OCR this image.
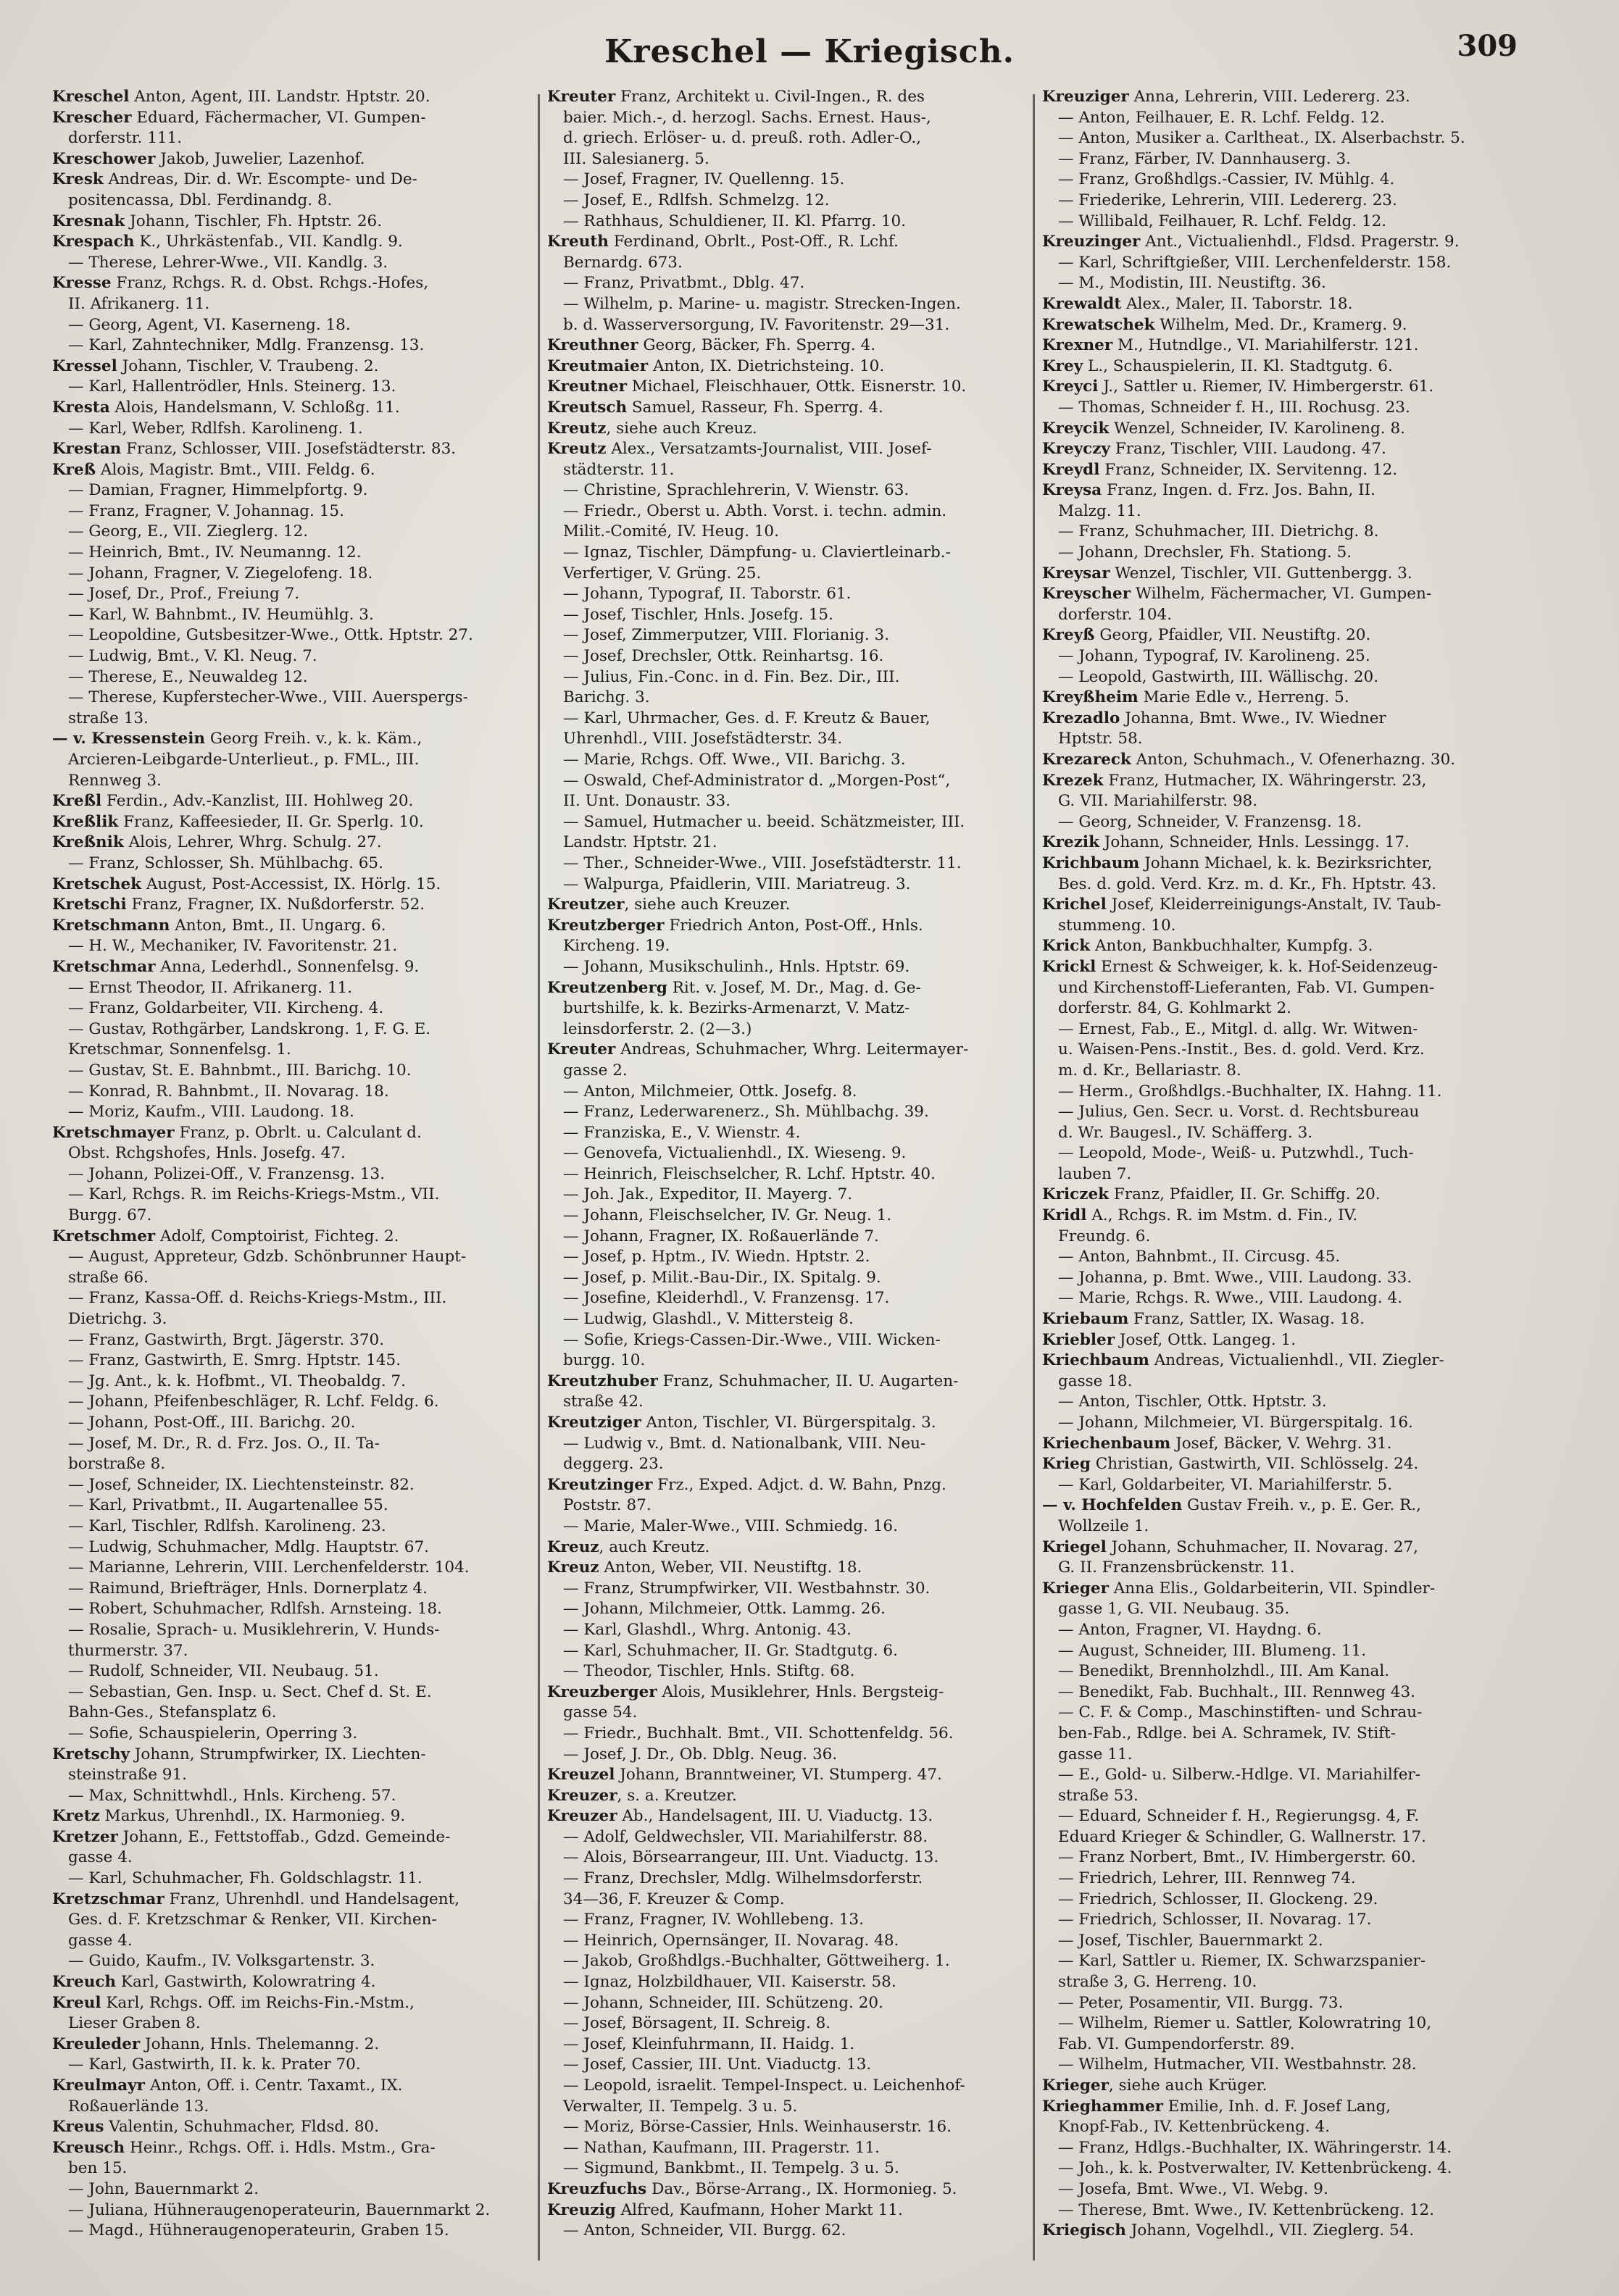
Kreschel — Kriegisch.	309
Kreschel Anton, Agent, III. Landstr. Hptstr. 20.
Krescher Eduard, Fächermacher, VI. Gumpen-
dorferstr. 111.
Kreschower Jakob, Juwelier, Lazenhof.
Kresk Andreas, Dir. d. Wr. Escompte- und De-
positencassa, Dbl. Ferdinandg. 8.
Kresnak Johann, Tischler, Fh. Hptstr. 26.
Krespach K., Uhrkästenfab., VII. Kandlg. 9.
— Therese, Lehrer-Wwe., VII. Kandlg. 3.
Kresse Franz, Rchgs. R. d. Obst. Rchgs.-Hofes,
II. Afrikanerg. 11.
— Georg, Agent, VI. Kaserneng. 18.
— Karl, Zahntechniker, Mdlg. Franzensg. 13.
Kressel Johann, Tischler, V. Traubeng. 2.
— Karl, Hallentrödler, Hnls. Steinerg. 13.
Kresta Alois, Handelsmann, V. Schloßg. 11.
— Karl, Weber, Rdlfsh. Karolineng. 1.
Krestan Franz, Schlosser, VIII. Josefstädterstr. 83.
Kreß Alois, Magistr. Bmt., VIII. Feldg. 6.
— Damian, Fragner, Himmelpfortg. 9.
— Franz, Fragner, V. Johannag. 15.
— Georg, E., VII. Zieglerg. 12.
— Heinrich, Bmt., IV. Neumanng. 12.
— Johann, Fragner, V. Ziegelofeng. 18.
— Josef, Dr., Prof., Freiung 7.
— Karl, W. Bahnbmt., IV. Heumühlg. 3.
— Leopoldine, Gutsbesitzer-Wwe., Ottk. Hptstr. 27.
— Ludwig, Bmt., V. Kl. Neug. 7.
— Therese, E., Neuwaldeg 12.
— Therese, Kupferstecher-Wwe., VIII. Auerspergs-
straße 13.
— v. Kressenstein Georg Freih. v., k. k. Käm.,
Arcieren-Leibgarde-Unterlieut., p. FML., III.
Rennweg 3.
Kreßl Ferdin., Adv.-Kanzlist, III. Hohlweg 20.
Kreßlik Franz, Kaffeesieder, II. Gr. Sperlg. 10.
Kreßnik Alois, Lehrer, Whrg. Schulg. 27.
— Franz, Schlosser, Sh. Mühlbachg. 65.
Kretschek August, Post-Accessist, IX. Hörlg. 15.
Kretschi Franz, Fragner, IX. Nußdorferstr. 52.
Kretschmann Anton, Bmt., II. Ungarg. 6.
— H. W., Mechaniker, IV. Favoritenstr. 21.
Kretschmar Anna, Lederhdl., Sonnenfelsg. 9.
— Ernst Theodor, II. Afrikanerg. 11.
— Franz, Goldarbeiter, VII. Kircheng. 4.
— Gustav, Rothgärber, Landskrong. 1, F. G. E.
Kretschmar, Sonnenfelsg. 1.
— Gustav, St. E. Bahnbmt., III. Barichg. 10.
— Konrad, R. Bahnbmt., II. Novarag. 18.
— Moriz, Kaufm., VIII. Laudong. 18.
Kretschmayer Franz, p. Obrlt. u. Calculant d.
Obst. Rchgshofes, Hnls. Josefg. 47.
— Johann, Polizei-Off., V. Franzensg. 13.
— Karl, Rchgs. R. im Reichs-Kriegs-Mstm., VII.
Burgg. 67.
Kretschmer Adolf, Comptoirist, Fichteg. 2.
— August, Appreteur, Gdzb. Schönbrunner Haupt-
straße 66.
— Franz, Kassa-Off. d. Reichs-Kriegs-Mstm., III.
Dietrichg. 3.
— Franz, Gastwirth, Brgt. Jägerstr. 370.
— Franz, Gastwirth, E. Smrg. Hptstr. 145.
— Jg. Ant., k. k. Hofbmt., VI. Theobaldg. 7.
— Johann, Pfeifenbeschläger, R. Lchf. Feldg. 6.
— Johann, Post-Off., III. Barichg. 20.
— Josef, M. Dr., R. d. Frz. Jos. O., II. Ta-
borstraße 8.
— Josef, Schneider, IX. Liechtensteinstr. 82.
— Karl, Privatbmt., II. Augartenallee 55.
— Karl, Tischler, Rdlfsh. Karolineng. 23.
— Ludwig, Schuhmacher, Mdlg. Hauptstr. 67.
— Marianne, Lehrerin, VIII. Lerchenfelderstr. 104.
— Raimund, Briefträger, Hnls. Dornerplatz 4.
— Robert, Schuhmacher, Rdlfsh. Arnsteing. 18.
— Rosalie, Sprach- u. Musiklehrerin, V. Hunds-
thurmerstr. 37.
— Rudolf, Schneider, VII. Neubaug. 51.
— Sebastian, Gen. Insp. u. Sect. Chef d. St. E.
Bahn-Ges., Stefansplatz 6.
— Sofie, Schauspielerin, Operring 3.
Kretschy Johann, Strumpfwirker, IX. Liechten-
steinstraße 91.
— Max, Schnittwhdl., Hnls. Kircheng. 57.
Kretz Markus, Uhrenhdl., IX. Harmonieg. 9.
Kretzer Johann, E., Fettstoffab., Gdzd. Gemeinde-
gasse 4.
— Karl, Schuhmacher, Fh. Goldschlagstr. 11.
Kretzschmar Franz, Uhrenhdl. und Handelsagent,
Ges. d. F. Kretzschmar & Renker, VII. Kirchen-
gasse 4.
— Guido, Kaufm., IV. Volksgartenstr. 3.
Kreuch Karl, Gastwirth, Kolowratring 4.
Kreul Karl, Rchgs. Off. im Reichs-Fin.-Mstm.,
Lieser Graben 8.
Kreuleder Johann, Hnls. Thelemanng. 2.
— Karl, Gastwirth, II. k. k. Prater 70.
Kreulmayr Anton, Off. i. Centr. Taxamt., IX.
Roßauerlände 13.
Kreus Valentin, Schuhmacher, Fldsd. 80.
Kreusch Heinr., Rchgs. Off. i. Hdls. Mstm., Gra-
ben 15.
— John, Bauernmarkt 2.
— Juliana, Hühneraugenoperateurin, Bauernmarkt 2.
— Magd., Hühneraugenoperateurin, Graben 15.
Kreuter Franz, Architekt u. Civil-Ingen., R. des
baier. Mich.-, d. herzogl. Sachs. Ernest. Haus-,
d. griech. Erlöser- u. d. preuß. roth. Adler-O.,
III. Salesianerg. 5.
— Josef, Fragner, IV. Quellenng. 15.
— Josef, E., Rdlfsh. Schmelzg. 12.
— Rathhaus, Schuldiener, II. Kl. Pfarrg. 10.
Kreuth Ferdinand, Obrlt., Post-Off., R. Lchf.
Bernardg. 673.
— Franz, Privatbmt., Dblg. 47.
— Wilhelm, p. Marine- u. magistr. Strecken-Ingen.
b. d. Wasserversorgung, IV. Favoritenstr. 29—31.
Kreuthner Georg, Bäcker, Fh. Sperrg. 4.
Kreutmaier Anton, IX. Dietrichsteing. 10.
Kreutner Michael, Fleischhauer, Ottk. Eisnerstr. 10.
Kreutsch Samuel, Rasseur, Fh. Sperrg. 4.
Kreutz, siehe auch Kreuz.
Kreutz Alex., Versatzamts-Journalist, VIII. Josef-
städterstr. 11.
— Christine, Sprachlehrerin, V. Wienstr. 63.
— Friedr., Oberst u. Abth. Vorst. i. techn. admin.
Milit.-Comité, IV. Heug. 10.
— Ignaz, Tischler, Dämpfung- u. Claviertleinarb.-
Verfertiger, V. Grüng. 25.
— Johann, Typograf, II. Taborstr. 61.
— Josef, Tischler, Hnls. Josefg. 15.
— Josef, Zimmerputzer, VIII. Florianig. 3.
— Josef, Drechsler, Ottk. Reinhartsg. 16.
— Julius, Fin.-Conc. in d. Fin. Bez. Dir., III.
Barichg. 3.
— Karl, Uhrmacher, Ges. d. F. Kreutz & Bauer,
Uhrenhdl., VIII. Josefstädterstr. 34.
— Marie, Rchgs. Off. Wwe., VII. Barichg. 3.
— Oswald, Chef-Administrator d. „Morgen-Post“,
II. Unt. Donaustr. 33.
— Samuel, Hutmacher u. beeid. Schätzmeister, III.
Landstr. Hptstr. 21.
— Ther., Schneider-Wwe., VIII. Josefstädterstr. 11.
— Walpurga, Pfaidlerin, VIII. Mariatreug. 3.
Kreutzer, siehe auch Kreuzer.
Kreutzberger Friedrich Anton, Post-Off., Hnls.
Kircheng. 19.
— Johann, Musikschulinh., Hnls. Hptstr. 69.
Kreutzenberg Rit. v. Josef, M. Dr., Mag. d. Ge-
burtshilfe, k. k. Bezirks-Armenarzt, V. Matz-
leinsdorferstr. 2. (2—3.)
Kreuter Andreas, Schuhmacher, Whrg. Leitermayer-
gasse 2.
— Anton, Milchmeier, Ottk. Josefg. 8.
— Franz, Lederwarenerz., Sh. Mühlbachg. 39.
— Franziska, E., V. Wienstr. 4.
— Genovefa, Victualienhdl., IX. Wieseng. 9.
— Heinrich, Fleischselcher, R. Lchf. Hptstr. 40.
— Joh. Jak., Expeditor, II. Mayerg. 7.
— Johann, Fleischselcher, IV. Gr. Neug. 1.
— Johann, Fragner, IX. Roßauerlände 7.
— Josef, p. Hptm., IV. Wiedn. Hptstr. 2.
— Josef, p. Milit.-Bau-Dir., IX. Spitalg. 9.
— Josefine, Kleiderhdl., V. Franzensg. 17.
— Ludwig, Glashdl., V. Mittersteig 8.
— Sofie, Kriegs-Cassen-Dir.-Wwe., VIII. Wicken-
burgg. 10.
Kreutzhuber Franz, Schuhmacher, II. U. Augarten-
straße 42.
Kreutziger Anton, Tischler, VI. Bürgerspitalg. 3.
— Ludwig v., Bmt. d. Nationalbank, VIII. Neu-
deggerg. 23.
Kreutzinger Frz., Exped. Adjct. d. W. Bahn, Pnzg.
Poststr. 87.
— Marie, Maler-Wwe., VIII. Schmiedg. 16.
Kreuz, auch Kreutz.
Kreuz Anton, Weber, VII. Neustiftg. 18.
— Franz, Strumpfwirker, VII. Westbahnstr. 30.
— Johann, Milchmeier, Ottk. Lammg. 26.
— Karl, Glashdl., Whrg. Antonig. 43.
— Karl, Schuhmacher, II. Gr. Stadtgutg. 6.
— Theodor, Tischler, Hnls. Stiftg. 68.
Kreuzberger Alois, Musiklehrer, Hnls. Bergsteig-
gasse 54.
— Friedr., Buchhalt. Bmt., VII. Schottenfeldg. 56.
— Josef, J. Dr., Ob. Dblg. Neug. 36.
Kreuzel Johann, Branntweiner, VI. Stumperg. 47.
Kreuzer, s. a. Kreutzer.
Kreuzer Ab., Handelsagent, III. U. Viaductg. 13.
— Adolf, Geldwechsler, VII. Mariahilferstr. 88.
— Alois, Börsearrangeur, III. Unt. Viaductg. 13.
— Franz, Drechsler, Mdlg. Wilhelmsdorferstr.
34—36, F. Kreuzer & Comp.
— Franz, Fragner, IV. Wohllebeng. 13.
— Heinrich, Opernsänger, II. Novarag. 48.
— Jakob, Großhdlgs.-Buchhalter, Göttweiherg. 1.
— Ignaz, Holzbildhauer, VII. Kaiserstr. 58.
— Johann, Schneider, III. Schützeng. 20.
— Josef, Börsagent, II. Schreig. 8.
— Josef, Kleinfuhrmann, II. Haidg. 1.
— Josef, Cassier, III. Unt. Viaductg. 13.
— Leopold, israelit. Tempel-Inspect. u. Leichenhof-
Verwalter, II. Tempelg. 3 u. 5.
— Moriz, Börse-Cassier, Hnls. Weinhauserstr. 16.
— Nathan, Kaufmann, III. Pragerstr. 11.
— Sigmund, Bankbmt., II. Tempelg. 3 u. 5.
Kreuzfuchs Dav., Börse-Arrang., IX. Hormonieg. 5.
Kreuzig Alfred, Kaufmann, Hoher Markt 11.
— Anton, Schneider, VII. Burgg. 62.
Kreuziger Anna, Lehrerin, VIII. Ledererg. 23.
— Anton, Feilhauer, E. R. Lchf. Feldg. 12.
— Anton, Musiker a. Carltheat., IX. Alserbachstr. 5.
— Franz, Färber, IV. Dannhauserg. 3.
— Franz, Großhdlgs.-Cassier, IV. Mühlg. 4.
— Friederike, Lehrerin, VIII. Ledererg. 23.
— Willibald, Feilhauer, R. Lchf. Feldg. 12.
Kreuzinger Ant., Victualienhdl., Fldsd. Pragerstr. 9.
— Karl, Schriftgießer, VIII. Lerchenfelderstr. 158.
— M., Modistin, III. Neustiftg. 36.
Krewaldt Alex., Maler, II. Taborstr. 18.
Krewatschek Wilhelm, Med. Dr., Kramerg. 9.
Krexner M., Hutndlge., VI. Mariahilferstr. 121.
Krey L., Schauspielerin, II. Kl. Stadtgutg. 6.
Kreyci J., Sattler u. Riemer, IV. Himbergerstr. 61.
— Thomas, Schneider f. H., III. Rochusg. 23.
Kreycik Wenzel, Schneider, IV. Karolineng. 8.
Kreyczy Franz, Tischler, VIII. Laudong. 47.
Kreydl Franz, Schneider, IX. Servitenng. 12.
Kreysa Franz, Ingen. d. Frz. Jos. Bahn, II.
Malzg. 11.
— Franz, Schuhmacher, III. Dietrichg. 8.
— Johann, Drechsler, Fh. Stationg. 5.
Kreysar Wenzel, Tischler, VII. Guttenbergg. 3.
Kreyscher Wilhelm, Fächermacher, VI. Gumpen-
dorferstr. 104.
Kreyß Georg, Pfaidler, VII. Neustiftg. 20.
— Johann, Typograf, IV. Karolineng. 25.
— Leopold, Gastwirth, III. Wällischg. 20.
Kreyßheim Marie Edle v., Herreng. 5.
Krezadlo Johanna, Bmt. Wwe., IV. Wiedner
Hptstr. 58.
Krezareck Anton, Schuhmach., V. Ofenerhazng. 30.
Krezek Franz, Hutmacher, IX. Währingerstr. 23,
G. VII. Mariahilferstr. 98.
— Georg, Schneider, V. Franzensg. 18.
Krezik Johann, Schneider, Hnls. Lessingg. 17.
Krichbaum Johann Michael, k. k. Bezirksrichter,
Bes. d. gold. Verd. Krz. m. d. Kr., Fh. Hptstr. 43.
Krichel Josef, Kleiderreinigungs-Anstalt, IV. Taub-
stummeng. 10.
Krick Anton, Bankbuchhalter, Kumpfg. 3.
Krickl Ernest & Schweiger, k. k. Hof-Seidenzeug-
und Kirchenstoff-Lieferanten, Fab. VI. Gumpen-
dorferstr. 84, G. Kohlmarkt 2.
— Ernest, Fab., E., Mitgl. d. allg. Wr. Witwen-
u. Waisen-Pens.-Instit., Bes. d. gold. Verd. Krz.
m. d. Kr., Bellariastr. 8.
— Herm., Großhdlgs.-Buchhalter, IX. Hahng. 11.
— Julius, Gen. Secr. u. Vorst. d. Rechtsbureau
d. Wr. Baugesl., IV. Schäfferg. 3.
— Leopold, Mode-, Weiß- u. Putzwhdl., Tuch-
lauben 7.
Kriczek Franz, Pfaidler, II. Gr. Schiffg. 20.
Kridl A., Rchgs. R. im Mstm. d. Fin., IV.
Freundg. 6.
— Anton, Bahnbmt., II. Circusg. 45.
— Johanna, p. Bmt. Wwe., VIII. Laudong. 33.
— Marie, Rchgs. R. Wwe., VIII. Laudong. 4.
Kriebaum Franz, Sattler, IX. Wasag. 18.
Kriebler Josef, Ottk. Langeg. 1.
Kriechbaum Andreas, Victualienhdl., VII. Ziegler-
gasse 18.
— Anton, Tischler, Ottk. Hptstr. 3.
— Johann, Milchmeier, VI. Bürgerspitalg. 16.
Kriechenbaum Josef, Bäcker, V. Wehrg. 31.
Krieg Christian, Gastwirth, VII. Schlösselg. 24.
— Karl, Goldarbeiter, VI. Mariahilferstr. 5.
— v. Hochfelden Gustav Freih. v., p. E. Ger. R.,
Wollzeile 1.
Kriegel Johann, Schuhmacher, II. Novarag. 27,
G. II. Franzensbrückenstr. 11.
Krieger Anna Elis., Goldarbeiterin, VII. Spindler-
gasse 1, G. VII. Neubaug. 35.
— Anton, Fragner, VI. Haydng. 6.
— August, Schneider, III. Blumeng. 11.
— Benedikt, Brennholzhdl., III. Am Kanal.
— Benedikt, Fab. Buchhalt., III. Rennweg 43.
— C. F. & Comp., Maschinstiften- und Schrau-
ben-Fab., Rdlge. bei A. Schramek, IV. Stift-
gasse 11.
— E., Gold- u. Silberw.-Hdlge. VI. Mariahilfer-
straße 53.
— Eduard, Schneider f. H., Regierungsg. 4, F.
Eduard Krieger & Schindler, G. Wallnerstr. 17.
— Franz Norbert, Bmt., IV. Himbergerstr. 60.
— Friedrich, Lehrer, III. Rennweg 74.
— Friedrich, Schlosser, II. Glockeng. 29.
— Friedrich, Schlosser, II. Novarag. 17.
— Josef, Tischler, Bauernmarkt 2.
— Karl, Sattler u. Riemer, IX. Schwarzspanier-
straße 3, G. Herreng. 10.
— Peter, Posamentir, VII. Burgg. 73.
— Wilhelm, Riemer u. Sattler, Kolowratring 10,
Fab. VI. Gumpendorferstr. 89.
— Wilhelm, Hutmacher, VII. Westbahnstr. 28.
Krieger, siehe auch Krüger.
Krieghammer Emilie, Inh. d. F. Josef Lang,
Knopf-Fab., IV. Kettenbrückeng. 4.
— Franz, Hdlgs.-Buchhalter, IX. Währingerstr. 14.
— Joh., k. k. Postverwalter, IV. Kettenbrückeng. 4.
— Josefa, Bmt. Wwe., VI. Webg. 9.
— Therese, Bmt. Wwe., IV. Kettenbrückeng. 12.
Kriegisch Johann, Vogelhdl., VII. Zieglerg. 54.
